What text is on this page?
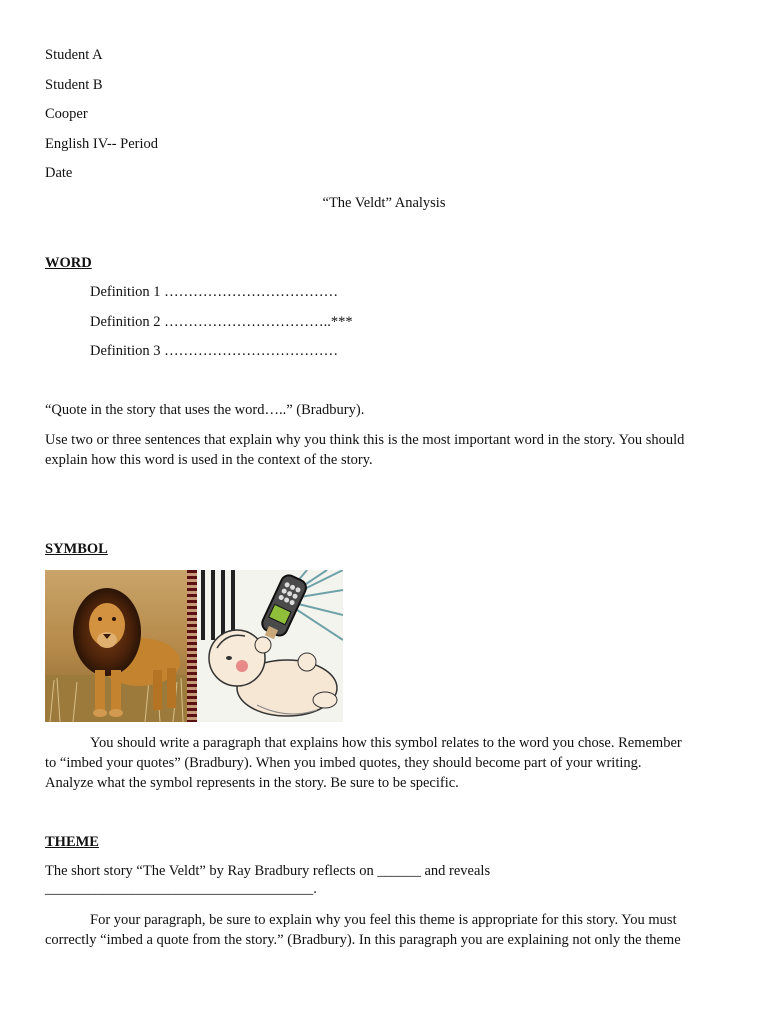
Student A
Student B
Cooper
English IV-- Period
Date
“The Veldt” Analysis
WORD
Definition 1 ………………………………
Definition 2 ……………………………..***
Definition 3 ………………………………
“Quote in the story that uses the word…..” (Bradbury).
Use two or three sentences that explain why you think this is the most important word in the story. You should
explain how this word is used in the context of the story.
SYMBOL
You should write a paragraph that explains how this symbol relates to the word you chose. Remember
to “imbed your quotes” (Bradbury). When you imbed quotes, they should become part of your writing.
Analyze what the symbol represents in the story. Be sure to be specific.
THEME
The short story “The Veldt” by Ray Bradbury reflects on ______ and reveals
_____________________________________.
For your paragraph, be sure to explain why you feel this theme is appropriate for this story. You must
correctly “imbed a quote from the story.” (Bradbury). In this paragraph you are explaining not only the theme
